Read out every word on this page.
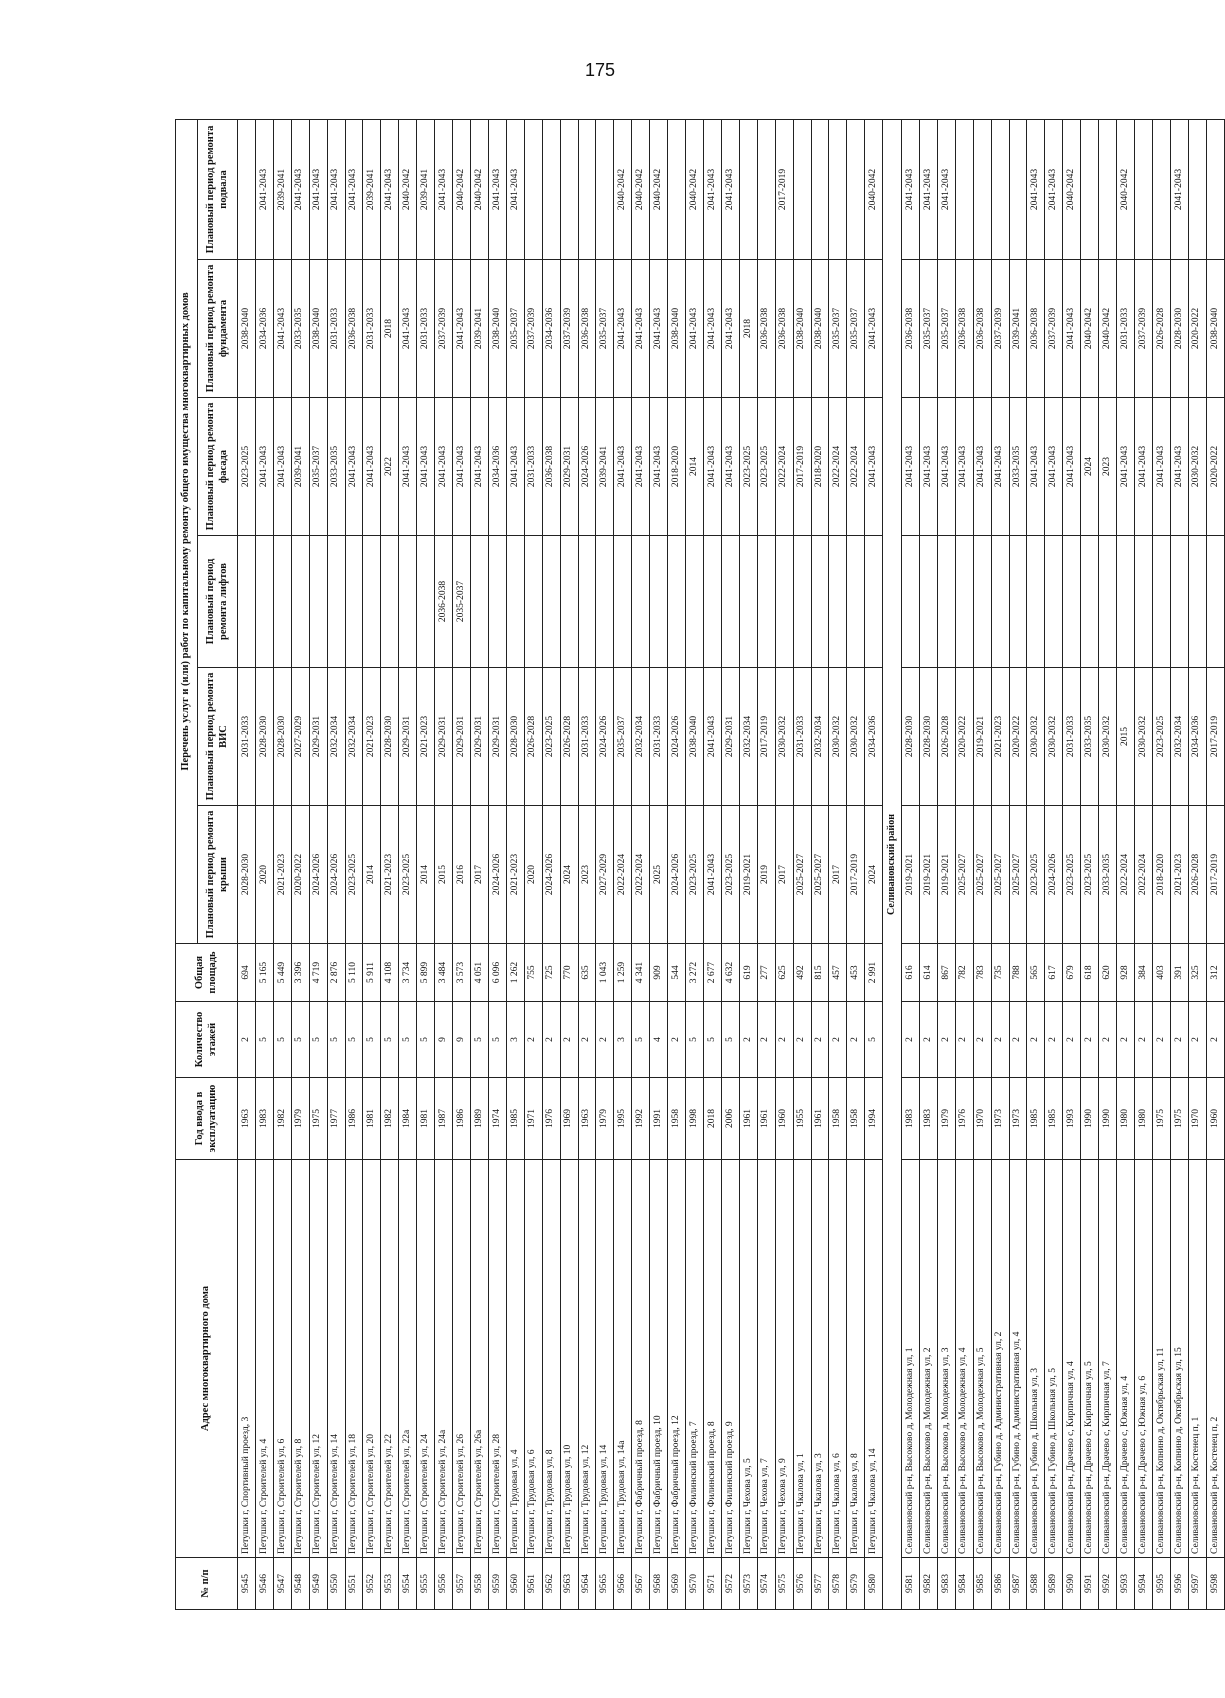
175
№ п/п	Адрес многоквартирного дома	Год ввода в эксплуатацию	Количество этажей	Общая площадь	Перечень услуг и (или) работ по капитальному ремонту общего имущества многоквартирных домов					
					Плановый период ремонта крыши	Плановый период ремонта ВИС	Плановый период ремонта лифтов	Плановый период ремонта фасада	Плановый период ремонта фундамента	Плановый период ремонта подвала
9545	Петушки г, Спортивный проезд, 3	1963	2	694	2028-2030	2031-2033		2023-2025	2038-2040	
9546	Петушки г, Строителей ул, 4	1983	5	5 165	2020	2028-2030		2041-2043	2034-2036	2041-2043
9547	Петушки г, Строителей ул, 6	1982	5	5 449	2021-2023	2028-2030		2041-2043	2041-2043	2039-2041
9548	Петушки г, Строителей ул, 8	1979	5	3 396	2020-2022	2027-2029		2039-2041	2033-2035	2041-2043
9549	Петушки г, Строителей ул, 12	1975	5	4 719	2024-2026	2029-2031		2035-2037	2038-2040	2041-2043
9550	Петушки г, Строителей ул, 14	1977	5	2 876	2024-2026	2032-2034		2033-2035	2031-2033	2041-2043
9551	Петушки г, Строителей ул, 18	1986	5	5 110	2023-2025	2032-2034		2041-2043	2036-2038	2041-2043
9552	Петушки г, Строителей ул, 20	1981	5	5 911	2014	2021-2023		2041-2043	2031-2033	2039-2041
9553	Петушки г, Строителей ул, 22	1982	5	4 108	2021-2023	2028-2030		2022	2018	2041-2043
9554	Петушки г, Строителей ул, 22а	1984	5	3 734	2023-2025	2029-2031		2041-2043	2041-2043	2040-2042
9555	Петушки г, Строителей ул, 24	1981	5	5 899	2014	2021-2023		2041-2043	2031-2033	2039-2041
9556	Петушки г, Строителей ул, 24а	1987	9	3 484	2015	2029-2031	2036-2038	2041-2043	2037-2039	2041-2043
9557	Петушки г, Строителей ул, 26	1986	9	3 573	2016	2029-2031	2035-2037	2041-2043	2041-2043	2040-2042
9558	Петушки г, Строителей ул, 26а	1989	5	4 051	2017	2029-2031		2041-2043	2039-2041	2040-2042
9559	Петушки г, Строителей ул, 28	1974	5	6 096	2024-2026	2029-2031		2034-2036	2038-2040	2041-2043
9560	Петушки г, Трудовая ул, 4	1985	3	1 262	2021-2023	2028-2030		2041-2043	2035-2037	2041-2043
9561	Петушки г, Трудовая ул, 6	1971	2	755	2020	2026-2028		2031-2033	2037-2039	
9562	Петушки г, Трудовая ул, 8	1976	2	725	2024-2026	2023-2025		2036-2038	2034-2036	
9563	Петушки г, Трудовая ул, 10	1969	2	770	2024	2026-2028		2029-2031	2037-2039	
9564	Петушки г, Трудовая ул, 12	1963	2	635	2023	2031-2033		2024-2026	2036-2038	
9565	Петушки г, Трудовая ул, 14	1979	2	1 043	2027-2029	2024-2026		2039-2041	2035-2037	
9566	Петушки г, Трудовая ул, 14а	1995	3	1 259	2022-2024	2035-2037		2041-2043	2041-2043	2040-2042
9567	Петушки г, Фабричный проезд, 8	1992	5	4 341	2022-2024	2032-2034		2041-2043	2041-2043	2040-2042
9568	Петушки г, Фабричный проезд, 10	1991	4	909	2025	2031-2033		2041-2043	2041-2043	2040-2042
9569	Петушки г, Фабричный проезд, 12	1958	2	544	2024-2026	2024-2026		2018-2020	2038-2040	
9570	Петушки г, Филинский проезд, 7	1998	5	3 272	2023-2025	2038-2040		2014	2041-2043	2040-2042
9571	Петушки г, Филинский проезд, 8	2018	5	2 677	2041-2043	2041-2043		2041-2043	2041-2043	2041-2043
9572	Петушки г, Филинский проезд, 9	2006	5	4 632	2023-2025	2029-2031		2041-2043	2041-2043	2041-2043
9573	Петушки г, Чехова ул, 5	1961	2	619	2019-2021	2032-2034		2023-2025	2018	
9574	Петушки г, Чехова ул, 7	1961	2	277	2019	2017-2019		2023-2025	2036-2038	
9575	Петушки г, Чехова ул, 9	1960	2	625	2017	2030-2032		2022-2024	2036-2038	2017-2019
9576	Петушки г, Чкалова ул, 1	1955	2	492	2025-2027	2031-2033		2017-2019	2038-2040	
9577	Петушки г, Чкалова ул, 3	1961	2	815	2025-2027	2032-2034		2018-2020	2038-2040	
9578	Петушки г, Чкалова ул, 6	1958	2	457	2017	2030-2032		2022-2024	2035-2037	
9579	Петушки г, Чкалова ул, 8	1958	2	453	2017-2019	2030-2032		2022-2024	2035-2037	
9580	Петушки г, Чкалова ул, 14	1994	5	2 991	2024	2034-2036		2041-2043	2041-2043	2040-2042
Селивановский район										
9581	Селивановский р-н, Высоково д, Молодежная ул, 1	1983	2	616	2019-2021	2028-2030		2041-2043	2036-2038	2041-2043
9582	Селивановский р-н, Высоково д, Молодежная ул, 2	1983	2	614	2019-2021	2028-2030		2041-2043	2035-2037	2041-2043
9583	Селивановский р-н, Высоково д, Молодежная ул, 3	1979	2	867	2019-2021	2026-2028		2041-2043	2035-2037	2041-2043
9584	Селивановский р-н, Высоково д, Молодежная ул, 4	1976	2	782	2025-2027	2020-2022		2041-2043	2036-2038	
9585	Селивановский р-н, Высоково д, Молодежная ул, 5	1970	2	783	2025-2027	2019-2021		2041-2043	2036-2038	
9586	Селивановский р-н, Губино д, Административная ул, 2	1973	2	735	2025-2027	2021-2023		2041-2043	2037-2039	
9587	Селивановский р-н, Губино д, Административная ул, 4	1973	2	788	2025-2027	2020-2022		2033-2035	2039-2041	
9588	Селивановский р-н, Губино д, Школьная ул, 3	1985	2	565	2023-2025	2030-2032		2041-2043	2036-2038	2041-2043
9589	Селивановский р-н, Губино д, Школьная ул, 5	1985	2	617	2024-2026	2030-2032		2041-2043	2037-2039	2041-2043
9590	Селивановский р-н, Драчево с, Кирпичная ул, 4	1993	2	679	2023-2025	2031-2033		2041-2043	2041-2043	2040-2042
9591	Селивановский р-н, Драчево с, Кирпичная ул, 5	1990	2	618	2023-2025	2033-2035		2024	2040-2042	
9592	Селивановский р-н, Драчево с, Кирпичная ул, 7	1990	2	620	2033-2035	2030-2032		2023	2040-2042	
9593	Селивановский р-н, Драчево с, Южная ул, 4	1980	2	928	2022-2024	2015		2041-2043	2031-2033	2040-2042
9594	Селивановский р-н, Драчево с, Южная ул, 6	1980	2	384	2022-2024	2030-2032		2041-2043	2037-2039	
9595	Селивановский р-н, Копнино д, Октябрьская ул, 11	1975	2	403	2018-2020	2023-2025		2041-2043	2026-2028	
9596	Селивановский р-н, Копнино д, Октябрьская ул, 15	1975	2	391	2021-2023	2032-2034		2041-2043	2028-2030	2041-2043
9597	Селивановский р-н, Костенец п, 1	1970	2	325	2026-2028	2034-2036		2030-2032	2020-2022	
9598	Селивановский р-н, Костенец п, 2	1960	2	312	2017-2019	2017-2019		2020-2022	2038-2040	
